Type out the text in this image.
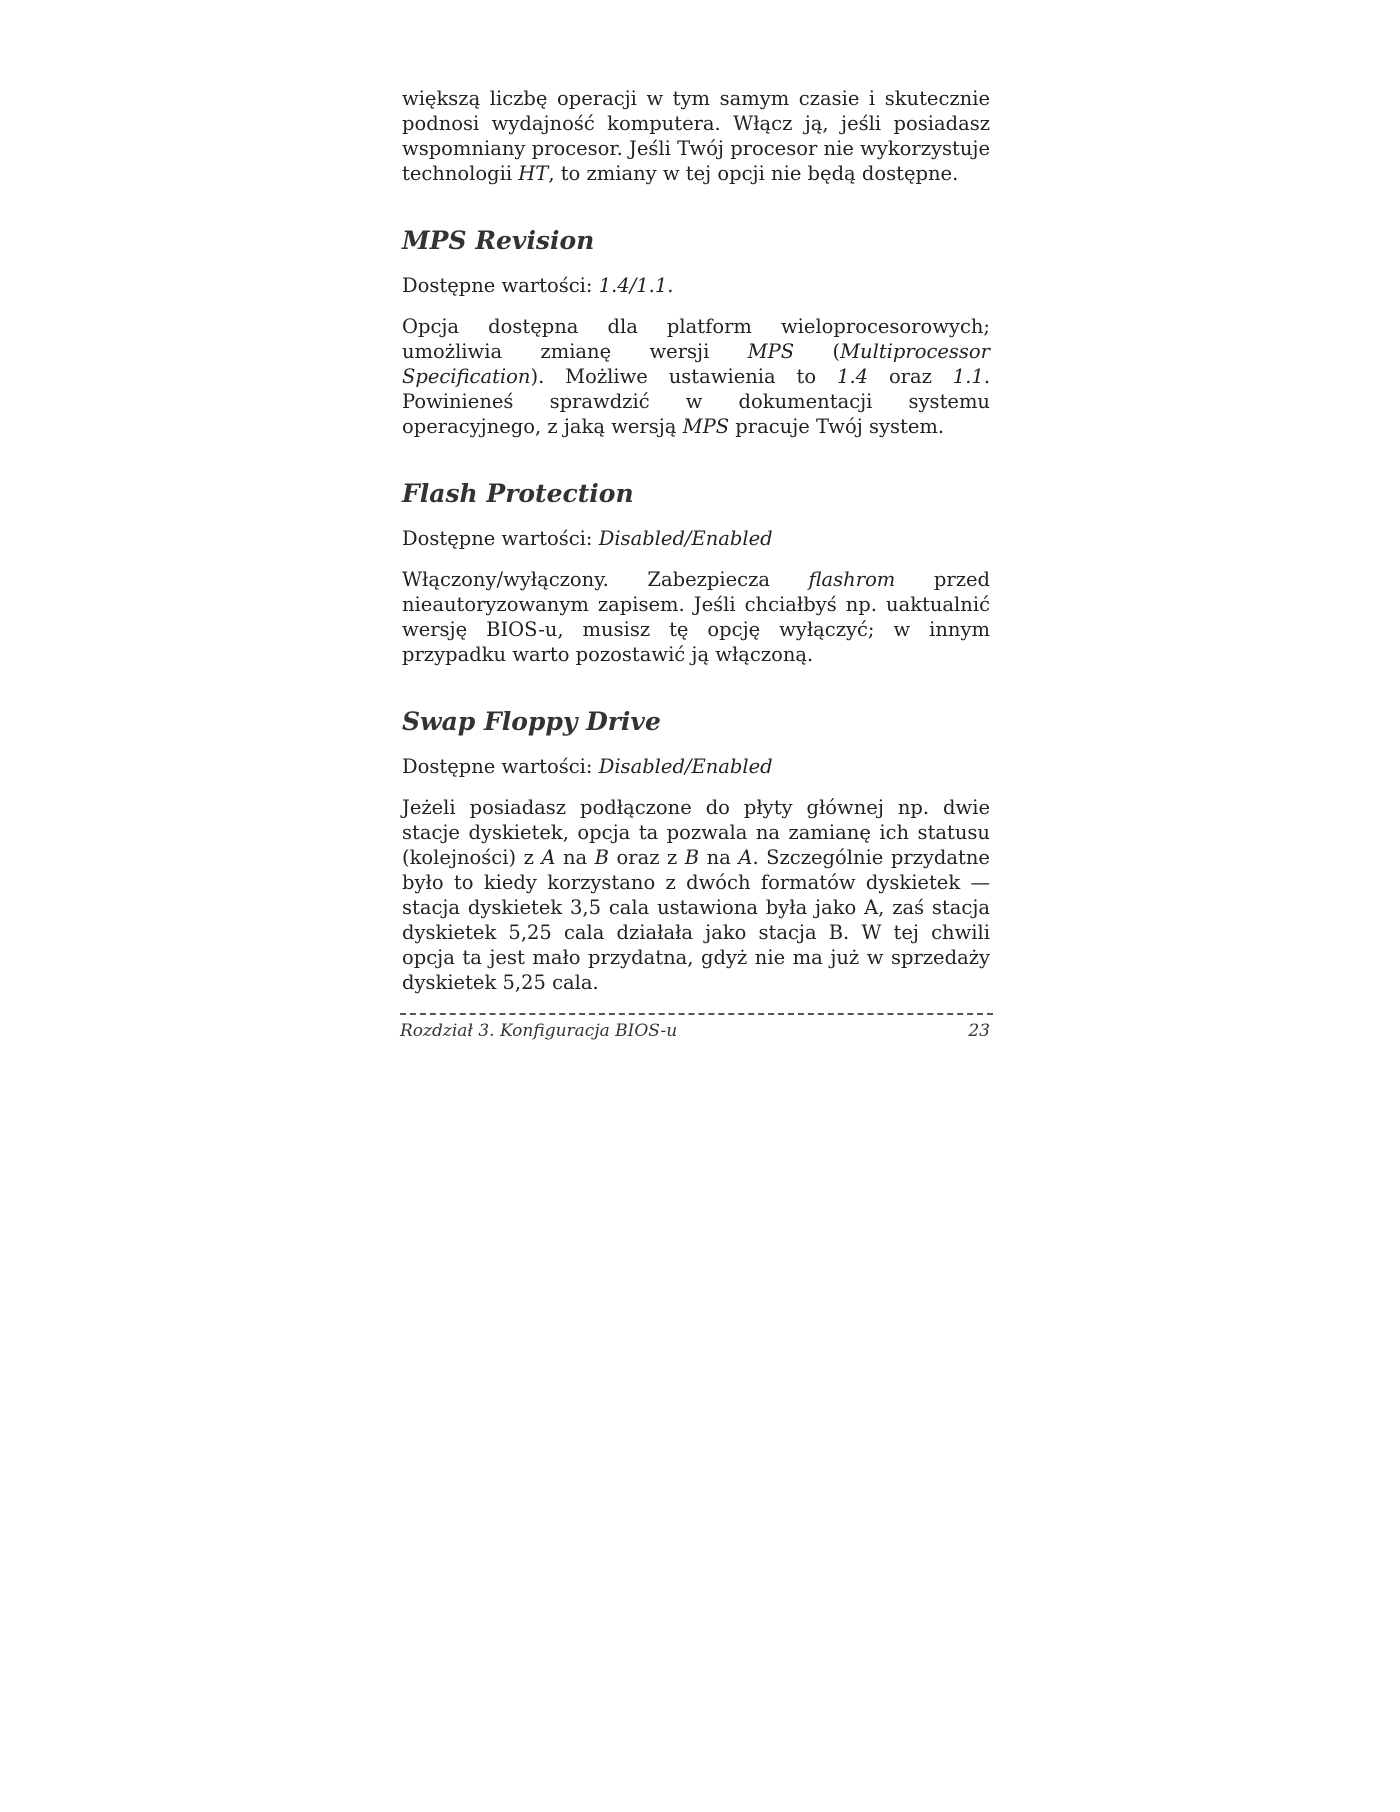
większą liczbę operacji w tym samym czasie i skutecznie podnosi wydajność komputera. Włącz ją, jeśli posiadasz wspomniany procesor. Jeśli Twój procesor nie wykorzystuje technologii HT, to zmiany w tej opcji nie będą dostępne.

MPS Revision

Dostępne wartości: 1.4/1.1.

Opcja dostępna dla platform wieloprocesorowych; umożliwia zmianę wersji MPS (Multiprocessor Specification). Możliwe ustawienia to 1.4 oraz 1.1. Powinieneś sprawdzić w dokumentacji systemu operacyjnego, z jaką wersją MPS pracuje Twój system.

Flash Protection

Dostępne wartości: Disabled/Enabled

Włączony/wyłączony. Zabezpiecza flashrom przed nieautoryzowanym zapisem. Jeśli chciałbyś np. uaktualnić wersję BIOS-u, musisz tę opcję wyłączyć; w innym przypadku warto pozostawić ją włączoną.

Swap Floppy Drive

Dostępne wartości: Disabled/Enabled

Jeżeli posiadasz podłączone do płyty głównej np. dwie stacje dyskietek, opcja ta pozwala na zamianę ich statusu (kolejności) z A na B oraz z B na A. Szczególnie przydatne było to kiedy korzystano z dwóch formatów dyskietek — stacja dyskietek 3,5 cala ustawiona była jako A, zaś stacja dyskietek 5,25 cala działała jako stacja B. W tej chwili opcja ta jest mało przydatna, gdyż nie ma już w sprzedaży dyskietek 5,25 cala.

Rozdział 3. Konfiguracja BIOS-u	23
